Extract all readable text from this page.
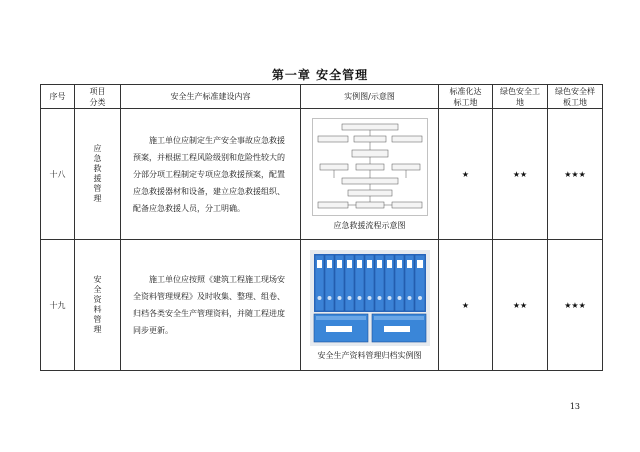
第一章 安全管理
序号	项目分类	安全生产标准建设内容	实例图/示意图	标准化达标工地	绿色安全工地	绿色安全样板工地
十八	应急救援管理	施工单位应制定生产安全事故应急救援预案，并根据工程风险级别和危险性较大的分部分项工程制定专项应急救援预案，配置应急救援器材和设备，建立应急救援组织、配备应急救援人员，分工明确。	应急救援流程示意图	★	★★	★★★
十九	安全资料管理	施工单位应按照《建筑工程施工现场安全资料管理规程》及时收集、整理、组卷、归档各类安全生产管理资料，并随工程进度同步更新。	安全生产资料管理归档实例图	★	★★	★★★
13
